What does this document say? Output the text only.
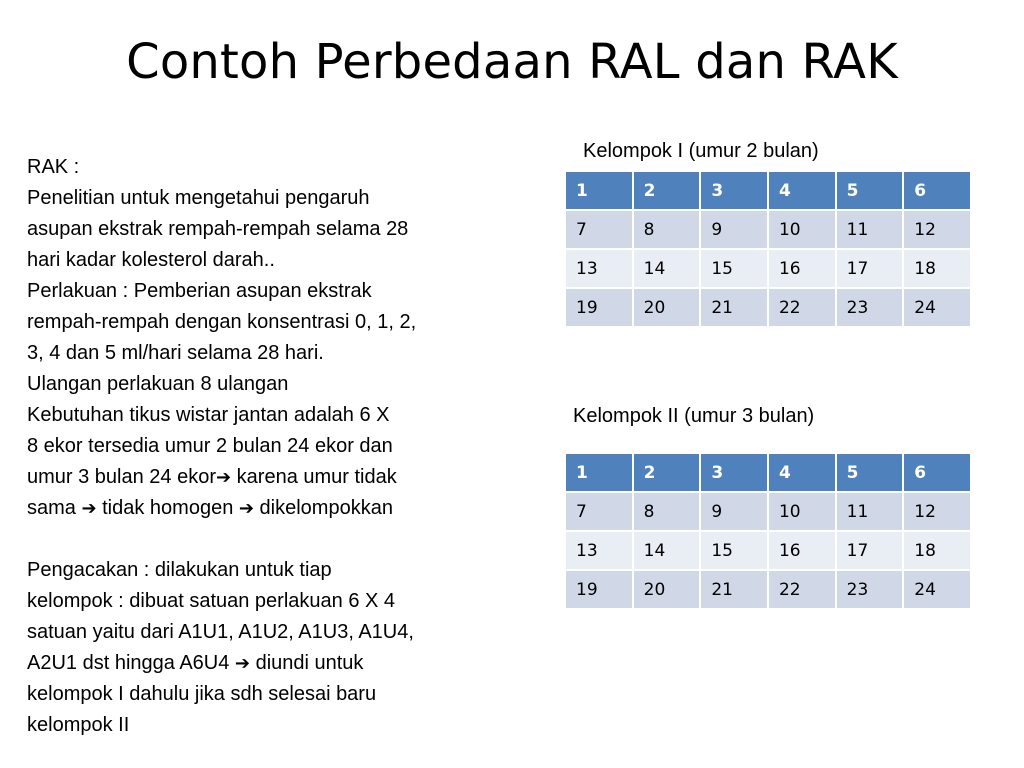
Contoh Perbedaan RAL dan RAK

RAK :

Penelitian untuk mengetahui pengaruh

asupan ekstrak rempah-rempah selama 28

hari kadar kolesterol darah..

Perlakuan : Pemberian asupan ekstrak

rempah-rempah dengan konsentrasi 0, 1, 2,

3, 4 dan 5 ml/hari selama 28 hari.

Ulangan perlakuan 8 ulangan

Kebutuhan tikus wistar jantan adalah 6 X

8 ekor tersedia umur 2 bulan 24 ekor dan

umur 3 bulan 24 ekor➔ karena umur tidak

sama ➔ tidak homogen ➔ dikelompokkan

Pengacakan : dilakukan untuk tiap

kelompok : dibuat satuan perlakuan 6 X 4

satuan yaitu dari A1U1, A1U2, A1U3, A1U4,

A2U1 dst hingga A6U4 ➔ diundi untuk

kelompok I dahulu jika sdh selesai baru

kelompok II

Kelompok I (umur 2 bulan)
1	2	3	4	5	6
7	8	9	10	11	12
13	14	15	16	17	18
19	20	21	22	23	24
Kelompok II (umur 3 bulan)
1	2	3	4	5	6
7	8	9	10	11	12
13	14	15	16	17	18
19	20	21	22	23	24
